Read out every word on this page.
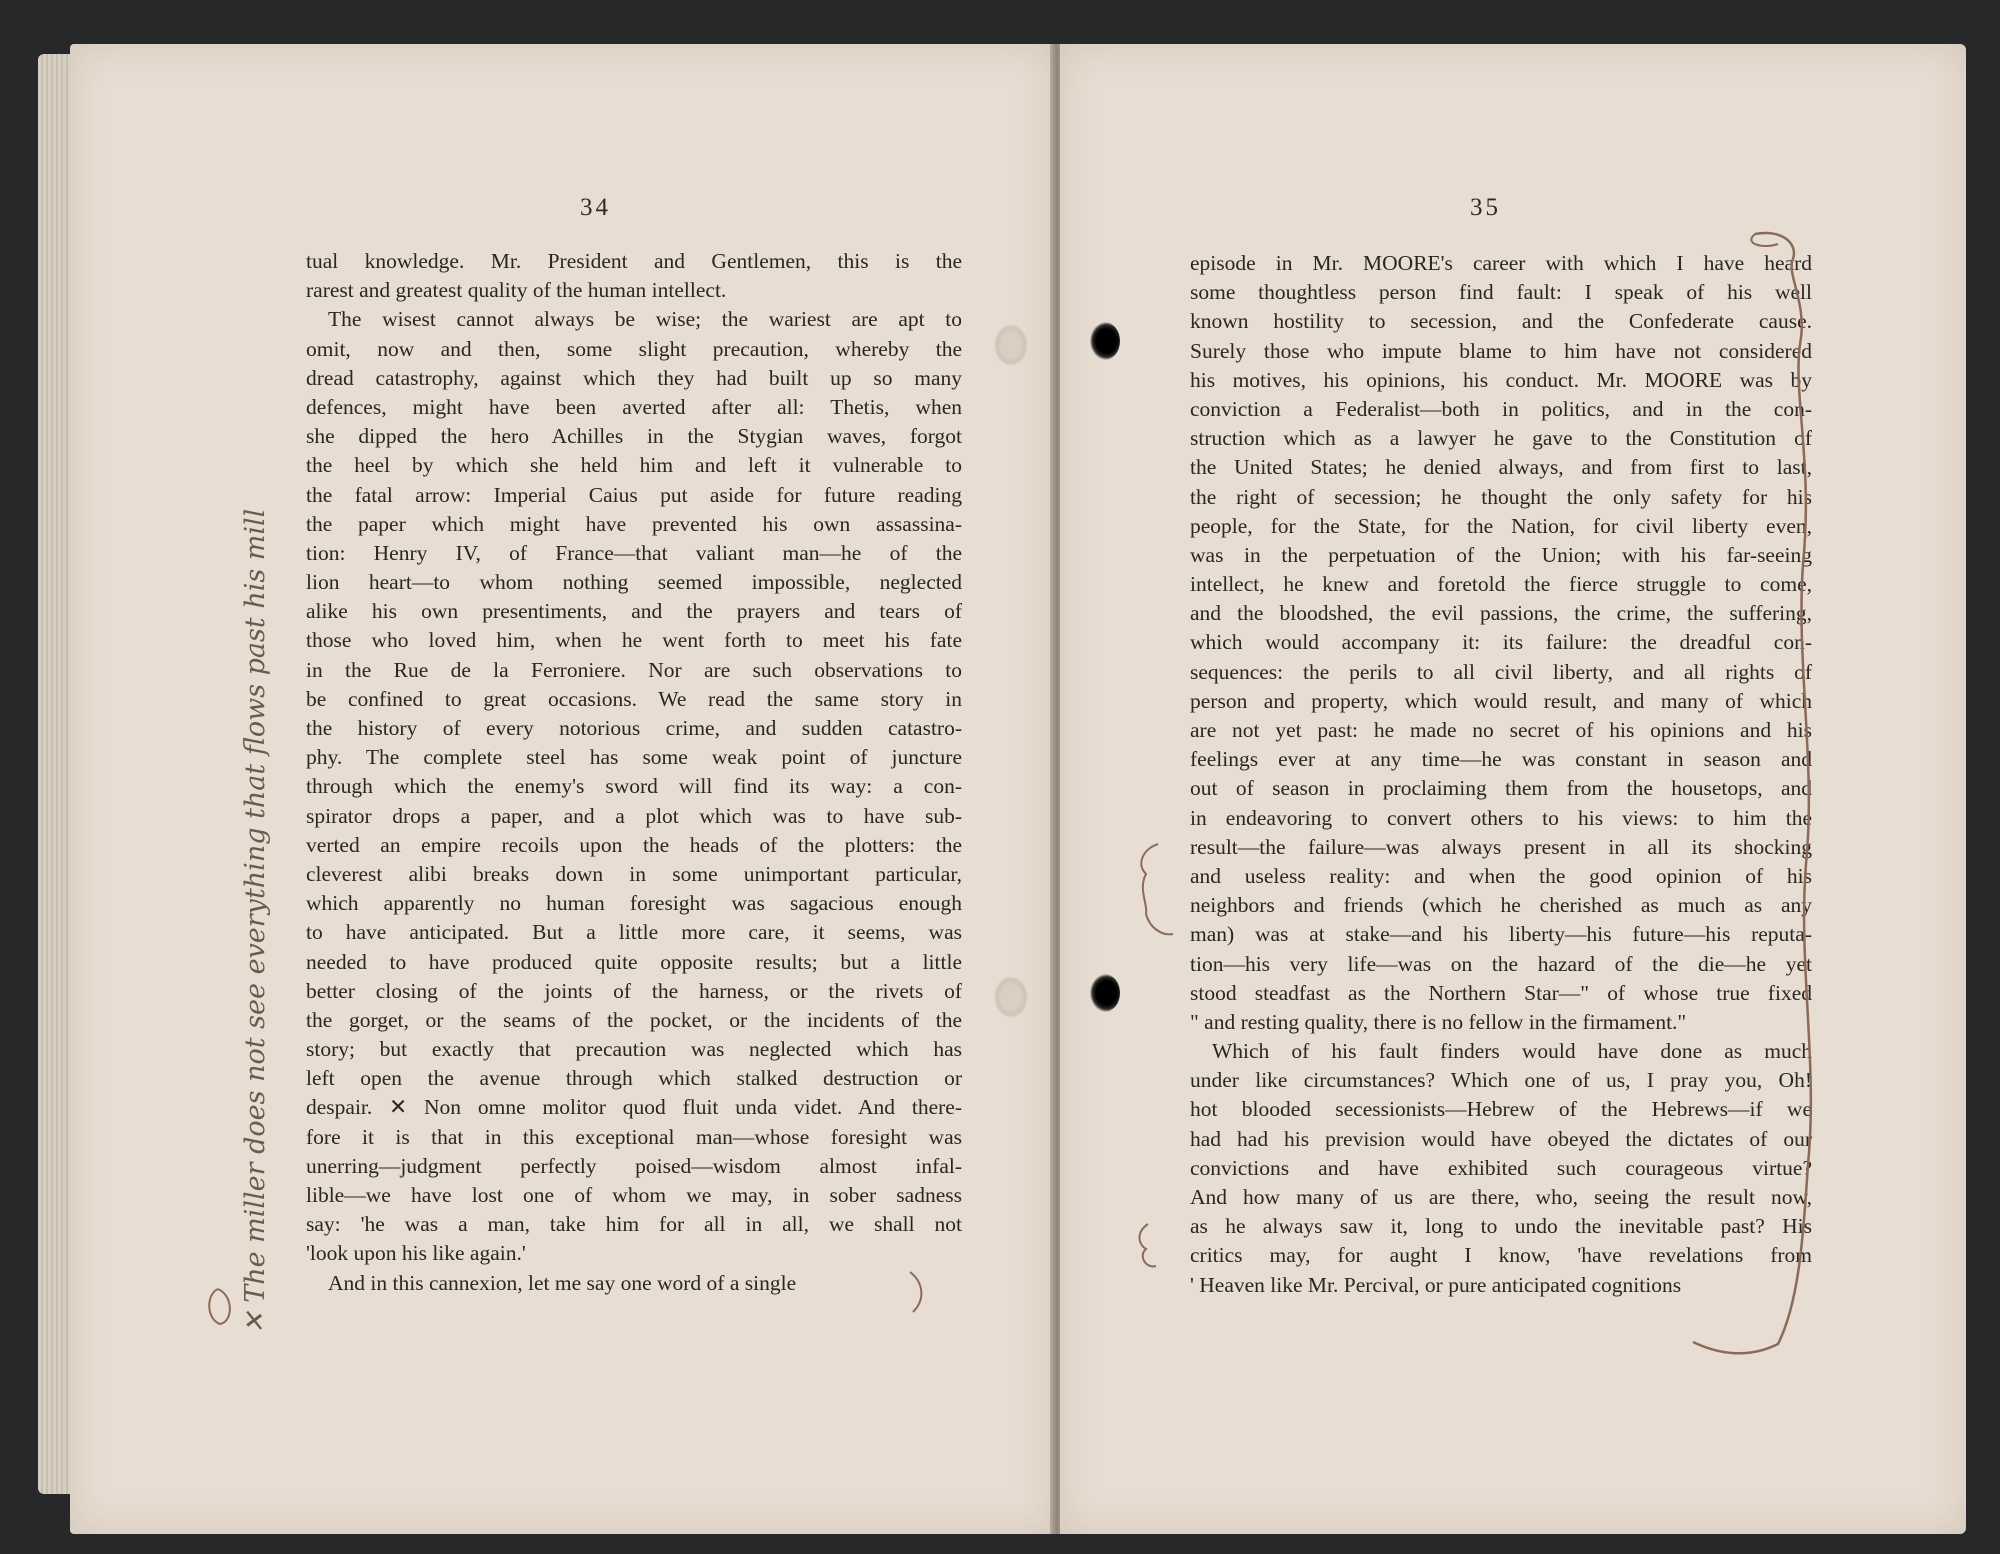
34
tual knowledge. Mr. President and Gentlemen, this is the
rarest and greatest quality of the human intellect.
The wisest cannot always be wise; the wariest are apt to
omit, now and then, some slight precaution, whereby the
dread catastrophy, against which they had built up so many
defences, might have been averted after all: Thetis, when
she dipped the hero Achilles in the Stygian waves, forgot
the heel by which she held him and left it vulnerable to
the fatal arrow: Imperial Caius put aside for future reading
the paper which might have prevented his own assassina-
tion: Henry IV, of France—that valiant man—he of the
lion heart—to whom nothing seemed impossible, neglected
alike his own presentiments, and the prayers and tears of
those who loved him, when he went forth to meet his fate
in the Rue de la Ferroniere. Nor are such observations to
be confined to great occasions. We read the same story in
the history of every notorious crime, and sudden catastro-
phy. The complete steel has some weak point of juncture
through which the enemy's sword will find its way: a con-
spirator drops a paper, and a plot which was to have sub-
verted an empire recoils upon the heads of the plotters: the
cleverest alibi breaks down in some unimportant particular,
which apparently no human foresight was sagacious enough
to have anticipated. But a little more care, it seems, was
needed to have produced quite opposite results; but a little
better closing of the joints of the harness, or the rivets of
the gorget, or the seams of the pocket, or the incidents of the
story; but exactly that precaution was neglected which has
left open the avenue through which stalked destruction or
despair. ✕ Non omne molitor quod fluit unda videt. And there-
fore it is that in this exceptional man—whose foresight was
unerring—judgment perfectly poised—wisdom almost infal-
lible—we have lost one of whom we may, in sober sadness
say: 'he was a man, take him for all in all, we shall not
'look upon his like again.'
And in this cannexion, let me say one word of a single
✕ The miller does not see everything that flows past his mill
35
episode in Mr. MOORE's career with which I have heard
some thoughtless person find fault: I speak of his well
known hostility to secession, and the Confederate cause.
Surely those who impute blame to him have not considered
his motives, his opinions, his conduct. Mr. MOORE was by
conviction a Federalist—both in politics, and in the con-
struction which as a lawyer he gave to the Constitution of
the United States; he denied always, and from first to last,
the right of secession; he thought the only safety for his
people, for the State, for the Nation, for civil liberty even,
was in the perpetuation of the Union; with his far-seeing
intellect, he knew and foretold the fierce struggle to come,
and the bloodshed, the evil passions, the crime, the suffering,
which would accompany it: its failure: the dreadful con-
sequences: the perils to all civil liberty, and all rights of
person and property, which would result, and many of which
are not yet past: he made no secret of his opinions and his
feelings ever at any time—he was constant in season and
out of season in proclaiming them from the housetops, and
in endeavoring to convert others to his views: to him the
result—the failure—was always present in all its shocking
and useless reality: and when the good opinion of his
neighbors and friends (which he cherished as much as any
man) was at stake—and his liberty—his future—his reputa-
tion—his very life—was on the hazard of the die—he yet
stood steadfast as the Northern Star—" of whose true fixed
" and resting quality, there is no fellow in the firmament."
Which of his fault finders would have done as much
under like circumstances? Which one of us, I pray you, Oh!
hot blooded secessionists—Hebrew of the Hebrews—if we
had had his prevision would have obeyed the dictates of our
convictions and have exhibited such courageous virtue?
And how many of us are there, who, seeing the result now,
as he always saw it, long to undo the inevitable past? His
critics may, for aught I know, 'have revelations from
' Heaven like Mr. Percival, or pure anticipated cognitions
